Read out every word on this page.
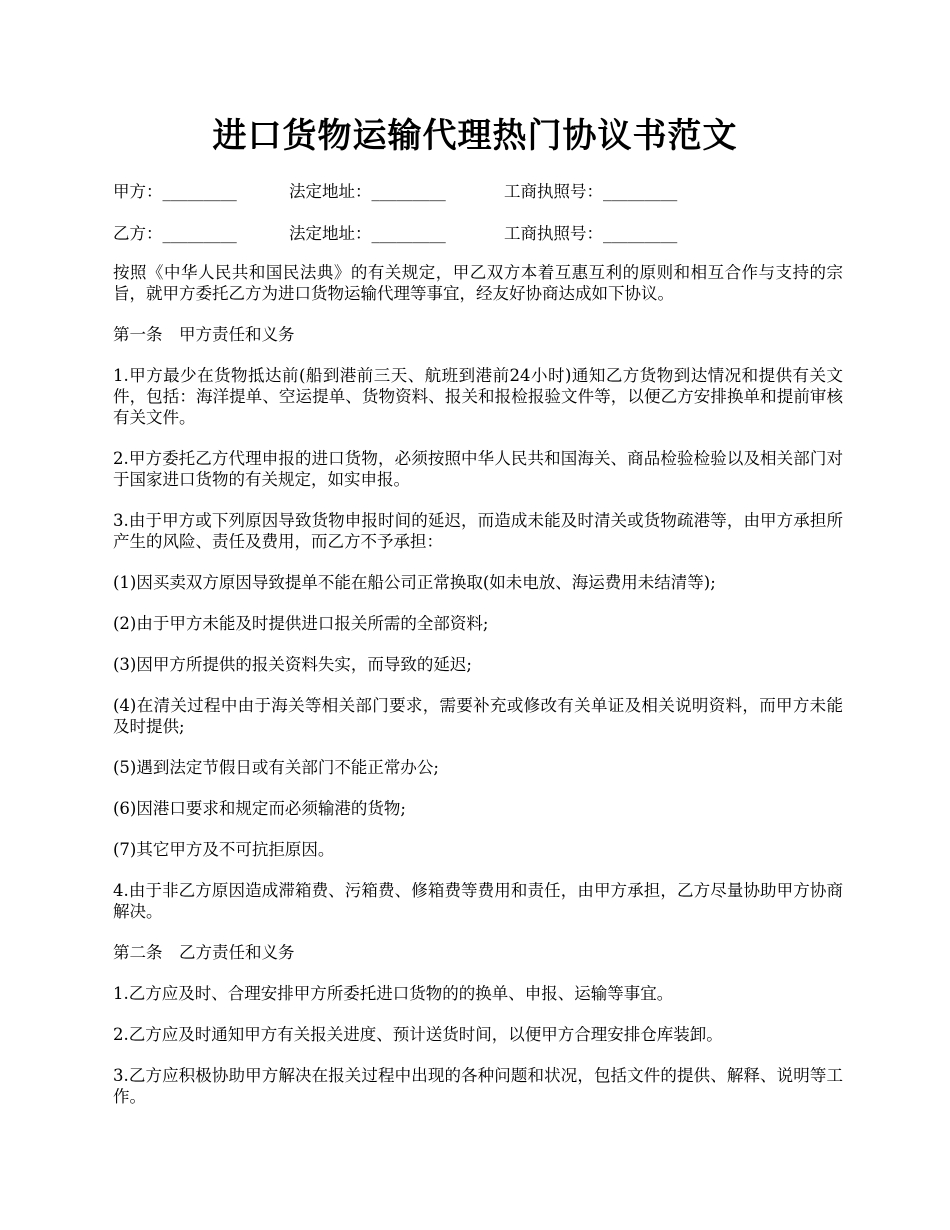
进口货物运输代理热门协议书范文
甲方：_________	法定地址：_________	工商执照号：_________
乙方：_________	法定地址：_________	工商执照号：_________

按照《中华人民共和国民法典》的有关规定，甲乙双方本着互惠互利的原则和相互合作与支持的宗旨，就甲方委托乙方为进口货物运输代理等事宜，经友好协商达成如下协议。

第一条　甲方责任和义务

1.甲方最少在货物抵达前(船到港前三天、航班到港前24小时)通知乙方货物到达情况和提供有关文件，包括：海洋提单、空运提单、货物资料、报关和报检报验文件等，以便乙方安排换单和提前审核有关文件。

2.甲方委托乙方代理申报的进口货物，必须按照中华人民共和国海关、商品检验检验以及相关部门对于国家进口货物的有关规定，如实申报。

3.由于甲方或下列原因导致货物申报时间的延迟，而造成未能及时清关或货物疏港等，由甲方承担所产生的风险、责任及费用，而乙方不予承担：

(1)因买卖双方原因导致提单不能在船公司正常换取(如未电放、海运费用未结清等);

(2)由于甲方未能及时提供进口报关所需的全部资料;

(3)因甲方所提供的报关资料失实，而导致的延迟;

(4)在清关过程中由于海关等相关部门要求，需要补充或修改有关单证及相关说明资料，而甲方未能及时提供;

(5)遇到法定节假日或有关部门不能正常办公;

(6)因港口要求和规定而必须输港的货物;

(7)其它甲方及不可抗拒原因。

4.由于非乙方原因造成滞箱费、污箱费、修箱费等费用和责任，由甲方承担，乙方尽量协助甲方协商解决。

第二条　乙方责任和义务

1.乙方应及时、合理安排甲方所委托进口货物的的换单、申报、运输等事宜。

2.乙方应及时通知甲方有关报关进度、预计送货时间，以便甲方合理安排仓库装卸。

3.乙方应积极协助甲方解决在报关过程中出现的各种问题和状况，包括文件的提供、解释、说明等工作。
